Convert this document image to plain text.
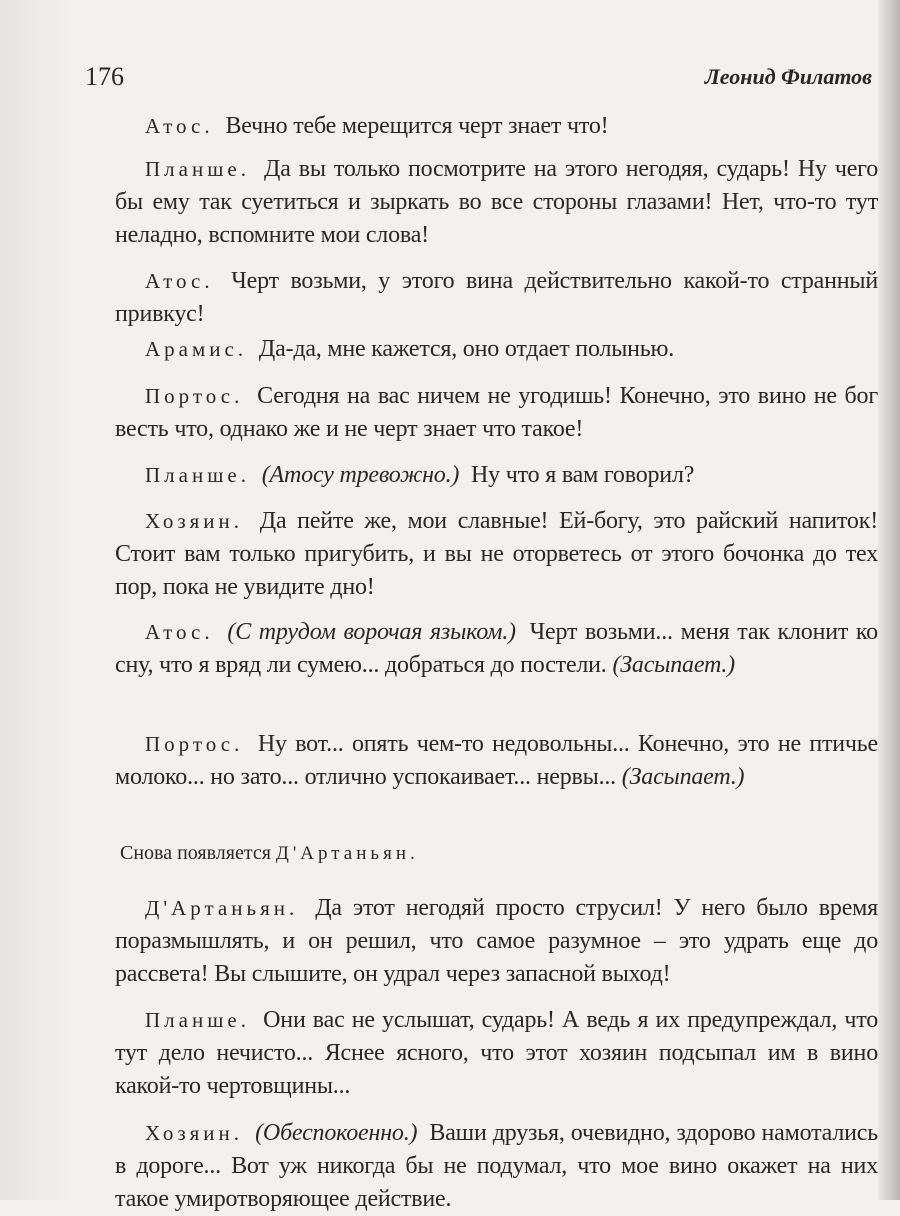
176	Леонид Филатов
Атос. Вечно тебе мерещится черт знает что!
Планше. Да вы только посмотрите на этого негодяя, сударь! Ну чего бы ему так суетиться и зыркать во все стороны глазами! Нет, что-то тут неладно, вспомните мои слова!
Атос. Черт возьми, у этого вина действительно какой-то странный привкус!
Арамис. Да-да, мне кажется, оно отдает полынью.
Портос. Сегодня на вас ничем не угодишь! Конечно, это вино не бог весть что, однако же и не черт знает что такое!
Планше. (Атосу тревожно.) Ну что я вам говорил?
Хозяин. Да пейте же, мои славные! Ей-богу, это райский напиток! Стоит вам только пригубить, и вы не оторветесь от этого бочонка до тех пор, пока не увидите дно!
Атос. (С трудом ворочая языком.) Черт возьми... меня так клонит ко сну, что я вряд ли сумею... добраться до постели. (Засыпает.)
Портос. Ну вот... опять чем-то недовольны... Конечно, это не птичье молоко... но зато... отлично успокаивает... нервы... (Засыпает.)
Д'Артаньян. Да этот негодяй просто струсил! У него было время поразмышлять, и он решил, что самое разумное – это удрать еще до рассвета! Вы слышите, он удрал через запасной выход!
Планше. Они вас не услышат, сударь! А ведь я их предупреждал, что тут дело нечисто... Яснее ясного, что этот хозяин подсыпал им в вино какой-то чертовщины...
Хозяин. (Обеспокоенно.) Ваши друзья, очевидно, здорово намотались в дороге... Вот уж никогда бы не подумал, что мое вино окажет на них такое умиротворяющее действие.
Снова появляется Д'Артаньян.
